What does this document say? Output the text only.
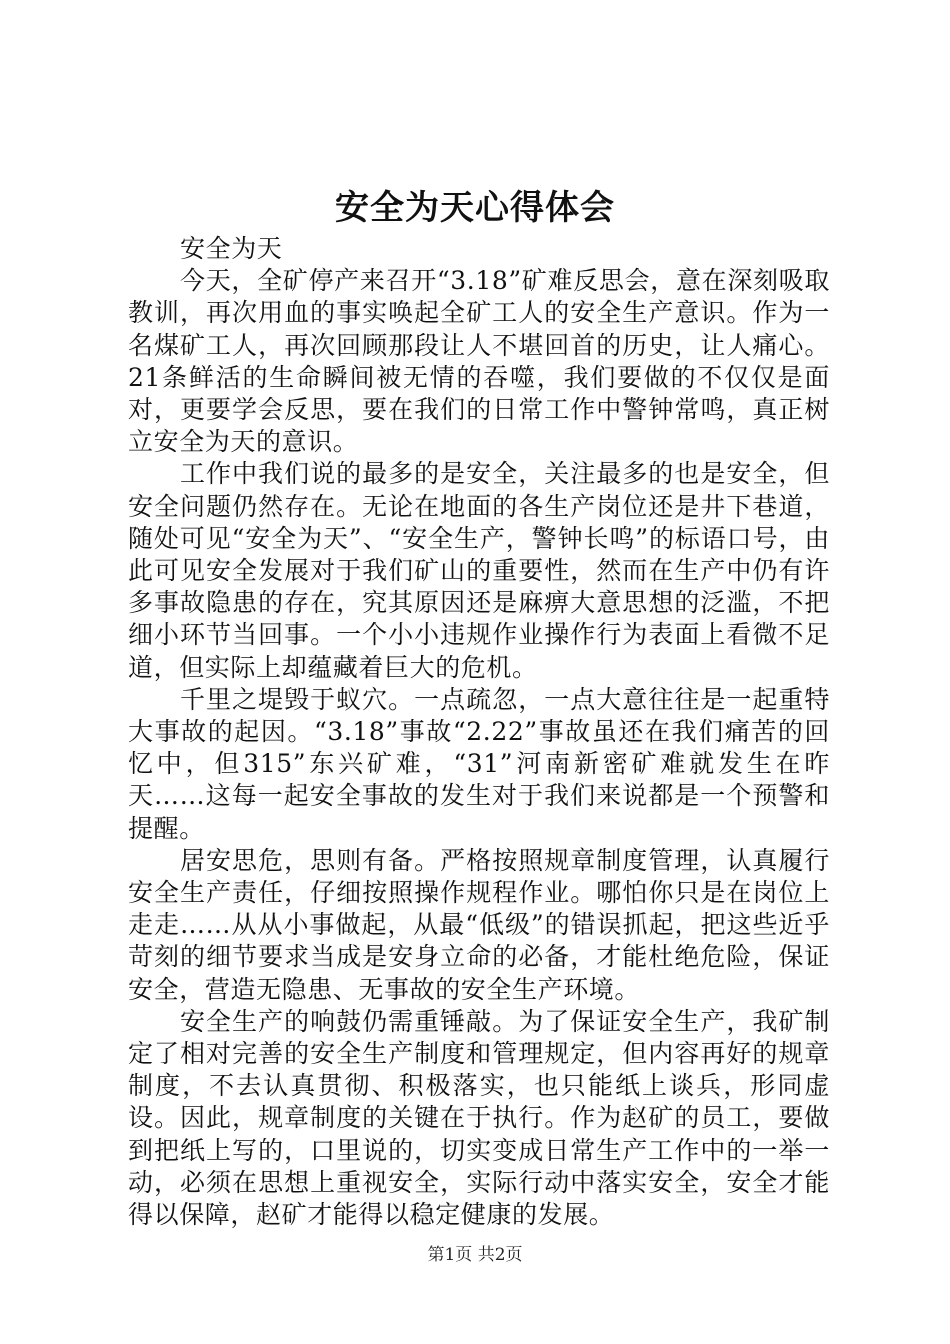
安全为天心得体会

安全为天

今天，全矿停产来召开“3.18”矿难反思会，意在深刻吸取教训，再次用血的事实唤起全矿工人的安全生产意识。作为一名煤矿工人，再次回顾那段让人不堪回首的历史，让人痛心。21条鲜活的生命瞬间被无情的吞噬，我们要做的不仅仅是面对，更要学会反思，要在我们的日常工作中警钟常鸣，真正树立安全为天的意识。

工作中我们说的最多的是安全，关注最多的也是安全，但安全问题仍然存在。无论在地面的各生产岗位还是井下巷道，随处可见“安全为天”、“安全生产，警钟长鸣”的标语口号，由此可见安全发展对于我们矿山的重要性，然而在生产中仍有许多事故隐患的存在，究其原因还是麻痹大意思想的泛滥，不把细小环节当回事。一个小小违规作业操作行为表面上看微不足道，但实际上却蕴藏着巨大的危机。

千里之堤毁于蚁穴。一点疏忽，一点大意往往是一起重特大事故的起因。“3.18”事故“2.22”事故虽还在我们痛苦的回忆中，但315”东兴矿难，“31”河南新密矿难就发生在昨天……这每一起安全事故的发生对于我们来说都是一个预警和提醒。

居安思危，思则有备。严格按照规章制度管理，认真履行安全生产责任，仔细按照操作规程作业。哪怕你只是在岗位上走走……从从小事做起，从最“低级”的错误抓起，把这些近乎苛刻的细节要求当成是安身立命的必备，才能杜绝危险，保证安全，营造无隐患、无事故的安全生产环境。

安全生产的响鼓仍需重锤敲。为了保证安全生产，我矿制定了相对完善的安全生产制度和管理规定，但内容再好的规章制度，不去认真贯彻、积极落实，也只能纸上谈兵，形同虚设。因此，规章制度的关键在于执行。作为赵矿的员工，要做到把纸上写的，口里说的，切实变成日常生产工作中的一举一动，必须在思想上重视安全，实际行动中落实安全，安全才能得以保障，赵矿才能得以稳定健康的发展。

第1页 共2页
